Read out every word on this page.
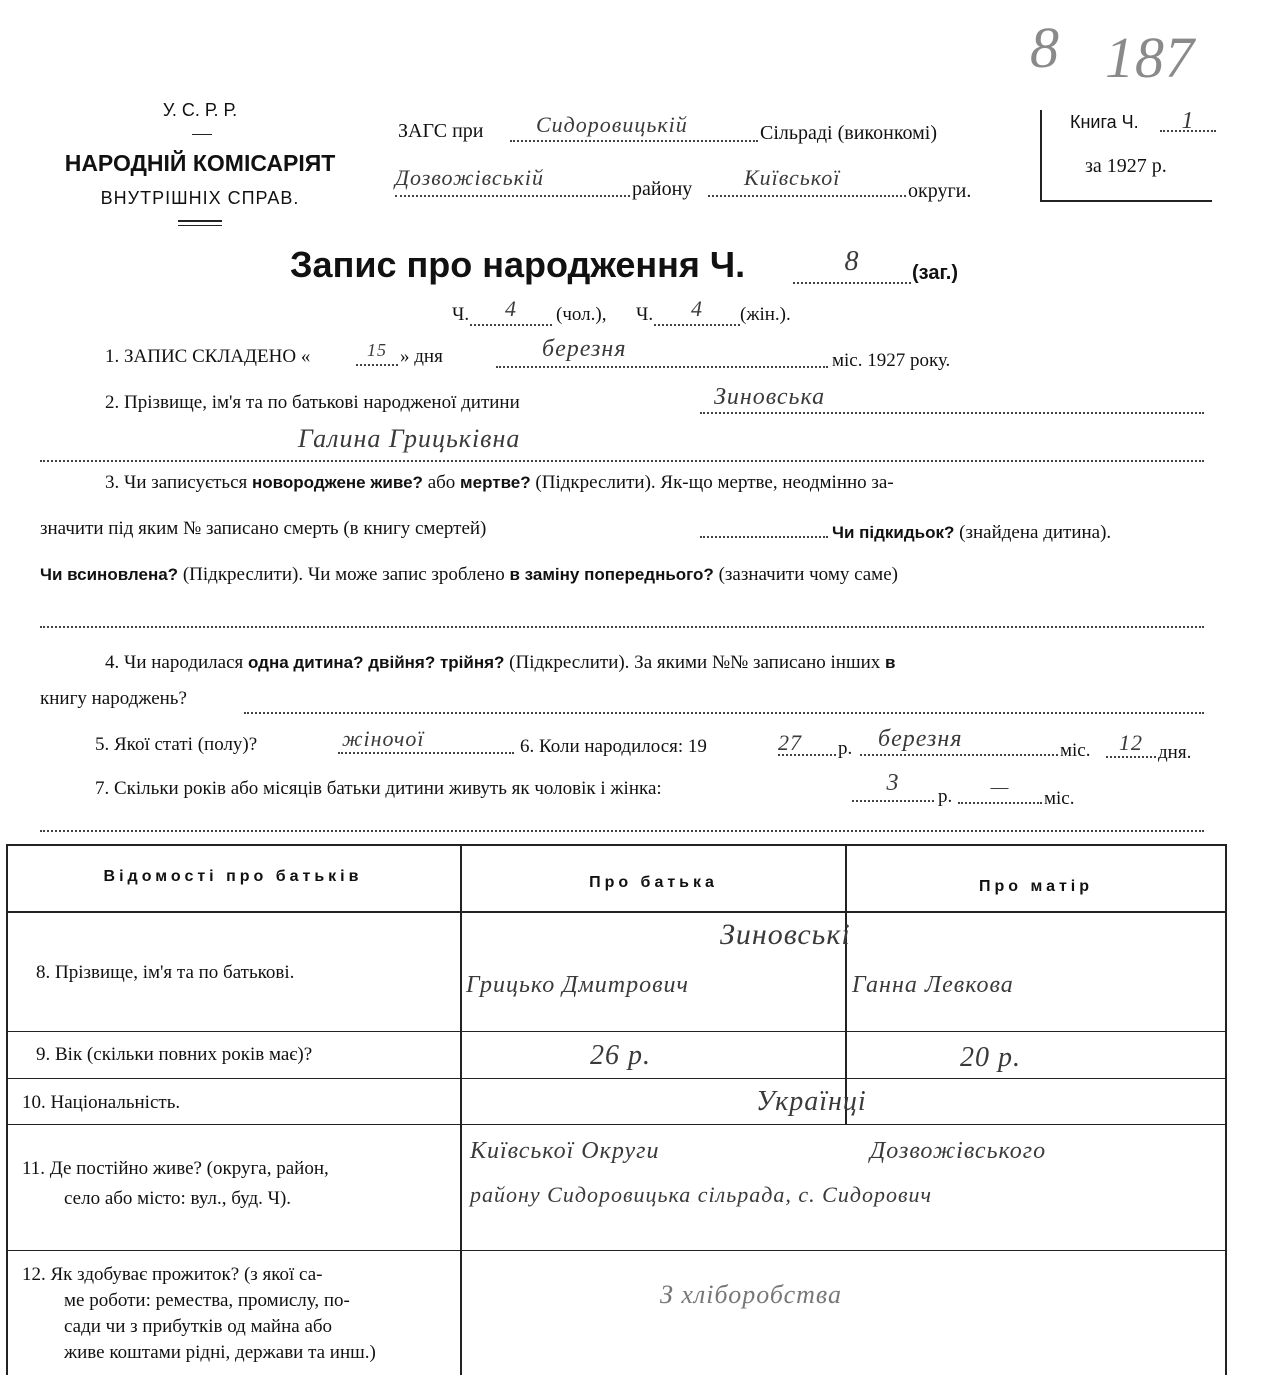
8 187
У. С. Р. Р.
НАРОДНІЙ КОМІСАРІЯТ
ВНУТРІШНІХ СПРАВ.
ЗАГС при	Сидоровицькій	Сільраді (виконкомі)
Дозвожівській	району	Київської
округи.
Книга Ч.	1
за 1927 р.
Запис про народження Ч.	8	(заг.)
Ч.	4	(чол.), Ч.	4	(жін.).
1. ЗАПИС СКЛАДЕНО «	15 » дня	березня	міс. 1927 року.
2. Прізвище, ім'я та по батькові народженої дитини	Зиновська
Галина Грицьківна
3. Чи записується новороджене живе? або мертве? (Підкреслити). Як-що мертве, неодмінно за-
значити під яким № записано смерть (в книгу смертей)	Чи підкидьок? (знайдена дитина).
Чи всиновлена? (Підкреслити). Чи може запис зроблено в заміну попереднього? (зазначити чому саме)
4. Чи народилася одна дитина? двійня? трійня? (Підкреслити). За якими №№ записано інших в
книгу народжень?
5. Якої статі (полу)?	жіночої	6. Коли народилося: 19	27	р.	березня	міс.	12 дня.
7. Скільки років або місяців батьки дитини живуть як чоловік і жінка:	3
р.	—
міс.
Відомості про батьків	Про батька	Про матір
8. Прізвище, ім'я та по батькові.
Зиновські
Грицько Дмитрович	Ганна Левкова
9. Вік (скільки повних років має)?	26 р.	20 р.
10. Національність.	Українці
11. Де постійно живе? (округа, район,
село або місто: вул., буд. Ч).
Київської Округи	Дозвожівського
району Сидоровицька сільрада, с. Сидорович
12. Як здобуває прожиток? (з якої са-
ме роботи: ремества, промислу, по-
сади чи з прибутків од майна або
живе коштами рідні, держави та инш.)
З хліборобства
